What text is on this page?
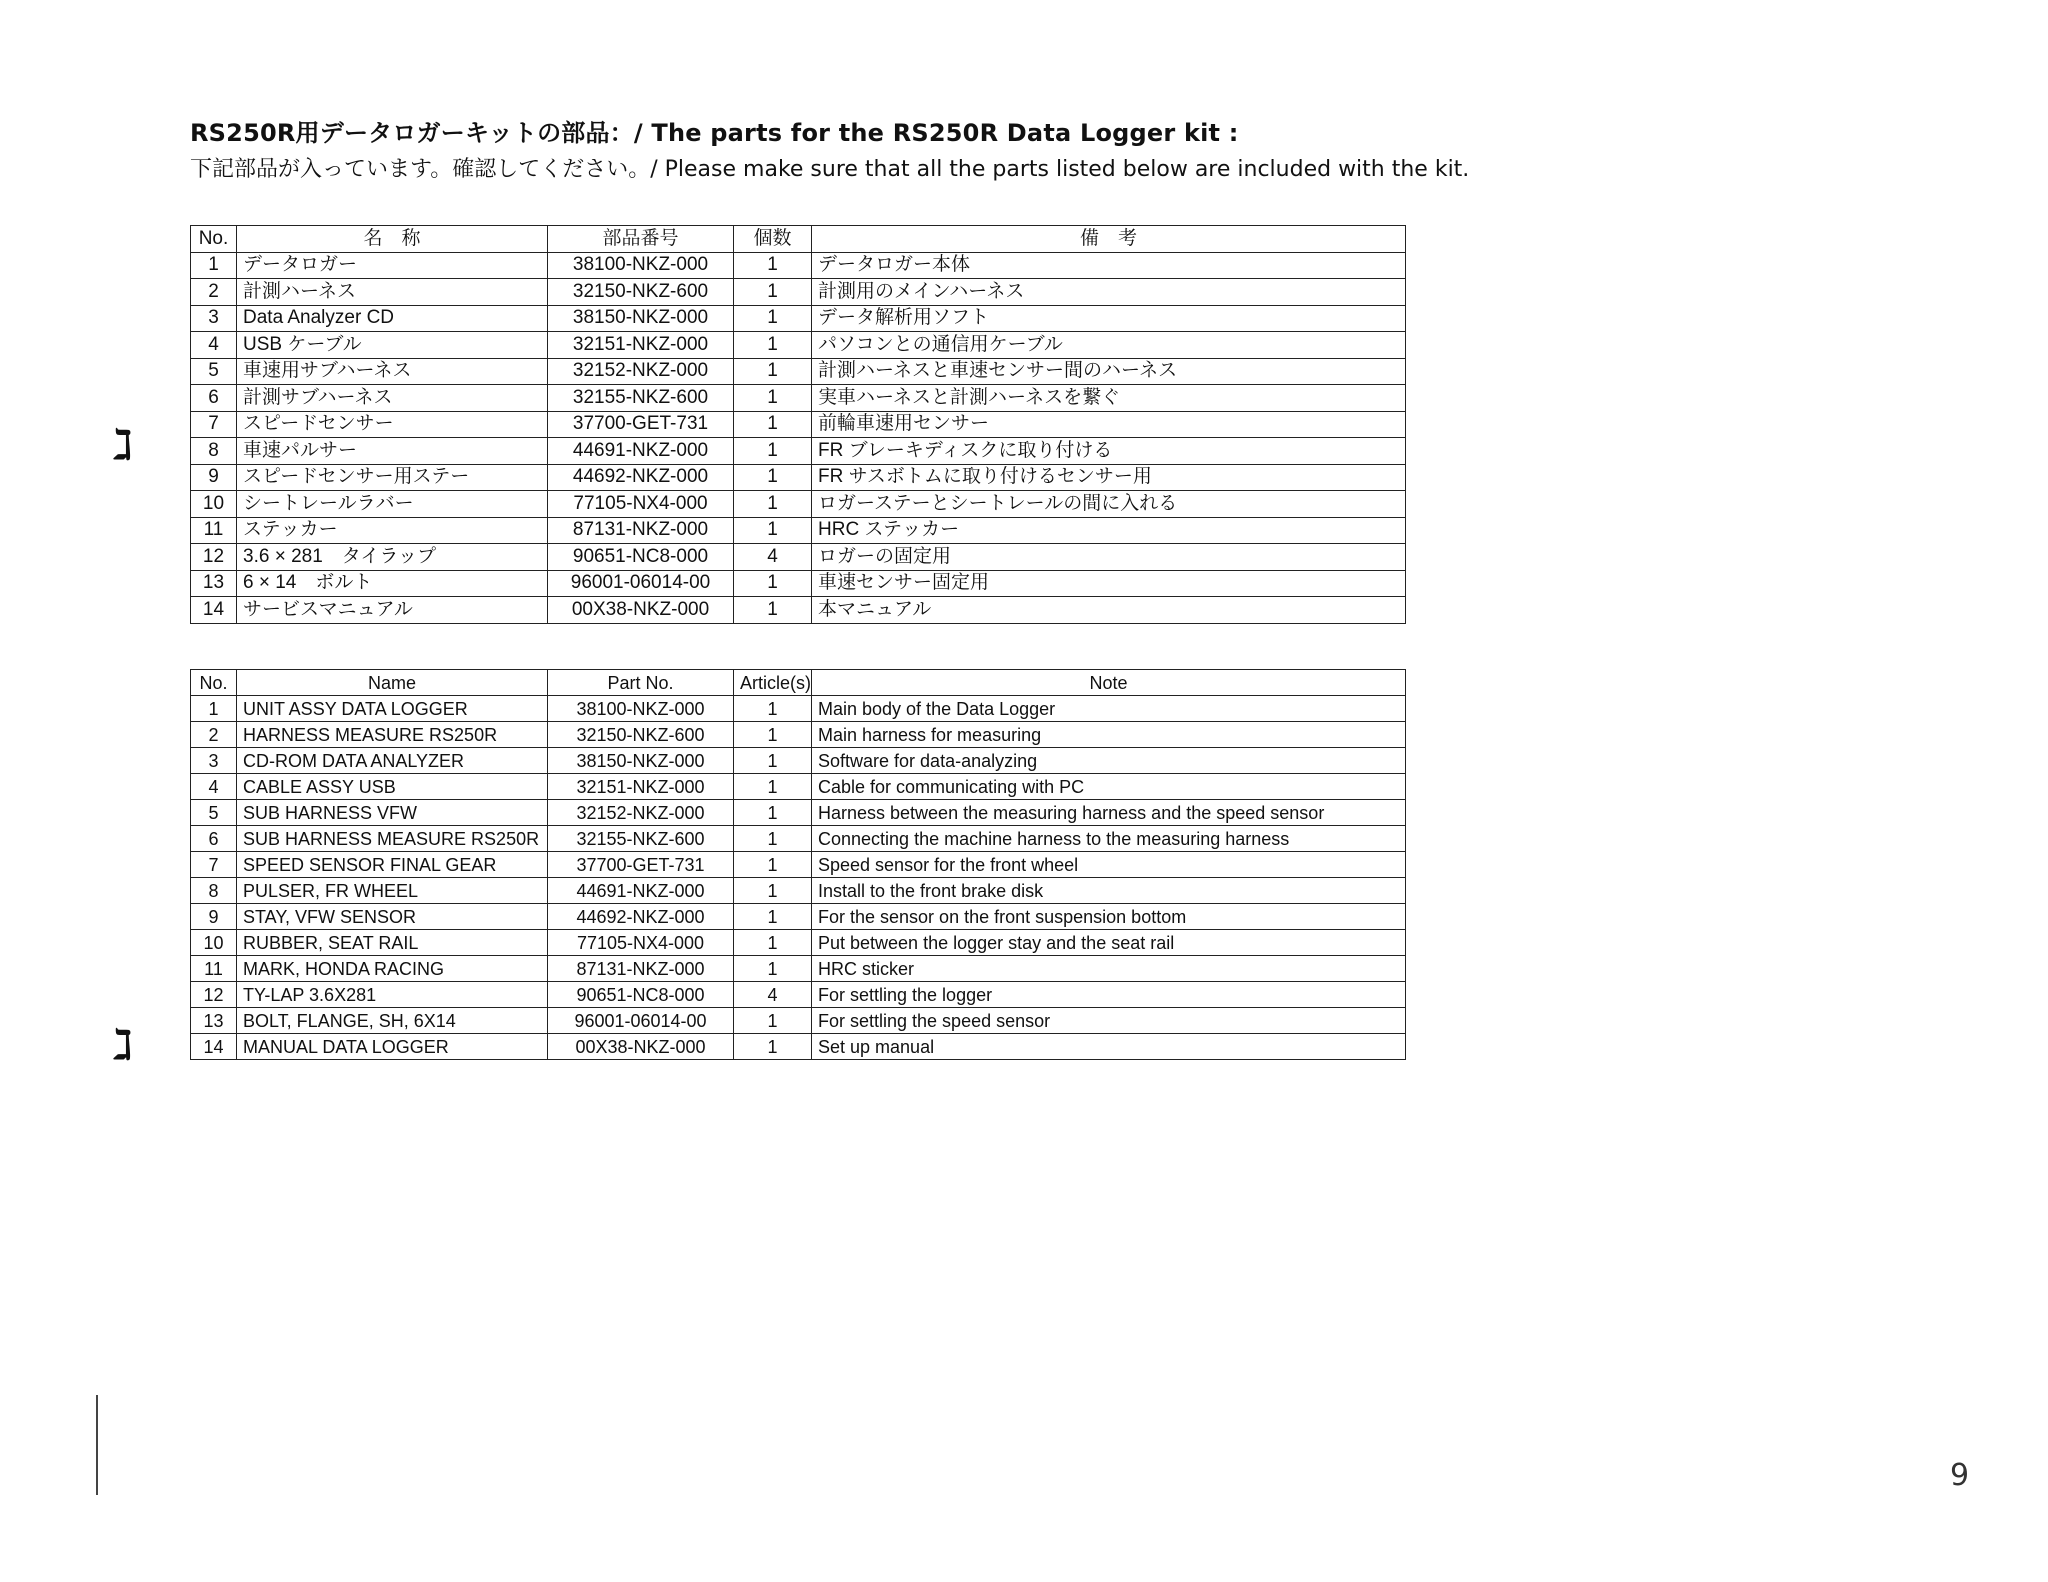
RS250R用データロガーキットの部品：/ The parts for the RS250R Data Logger kit :
下記部品が入っています。確認してください。/ Please make sure that all the parts listed below are included with the kit.
No.	名　称	部品番号	個数	備　考
1	データロガー	38100-NKZ-000	1	データロガー本体
2	計測ハーネス	32150-NKZ-600	1	計測用のメインハーネス
3	Data Analyzer CD	38150-NKZ-000	1	データ解析用ソフト
4	USB ケーブル	32151-NKZ-000	1	パソコンとの通信用ケーブル
5	車速用サブハーネス	32152-NKZ-000	1	計測ハーネスと車速センサー間のハーネス
6	計測サブハーネス	32155-NKZ-600	1	実車ハーネスと計測ハーネスを繋ぐ
7	スピードセンサー	37700-GET-731	1	前輪車速用センサー
8	車速パルサー	44691-NKZ-000	1	FR ブレーキディスクに取り付ける
9	スピードセンサー用ステー	44692-NKZ-000	1	FR サスボトムに取り付けるセンサー用
10	シートレールラバー	77105-NX4-000	1	ロガーステーとシートレールの間に入れる
11	ステッカー	87131-NKZ-000	1	HRC ステッカー
12	3.6 × 281　タイラップ	90651-NC8-000	4	ロガーの固定用
13	6 × 14　ボルト	96001-06014-00	1	車速センサー固定用
14	サービスマニュアル	00X38-NKZ-000	1	本マニュアル
No.	Name	Part No.	Article(s)	Note
1	UNIT ASSY DATA LOGGER	38100-NKZ-000	1	Main body of the Data Logger
2	HARNESS MEASURE RS250R	32150-NKZ-600	1	Main harness for measuring
3	CD-ROM DATA ANALYZER	38150-NKZ-000	1	Software for data-analyzing
4	CABLE ASSY USB	32151-NKZ-000	1	Cable for communicating with PC
5	SUB HARNESS VFW	32152-NKZ-000	1	Harness between the measuring harness and the speed sensor
6	SUB HARNESS MEASURE RS250R	32155-NKZ-600	1	Connecting the machine harness to the measuring harness
7	SPEED SENSOR FINAL GEAR	37700-GET-731	1	Speed sensor for the front wheel
8	PULSER, FR WHEEL	44691-NKZ-000	1	Install to the front brake disk
9	STAY, VFW SENSOR	44692-NKZ-000	1	For the sensor on the front suspension bottom
10	RUBBER, SEAT RAIL	77105-NX4-000	1	Put between the logger stay and the seat rail
11	MARK, HONDA RACING	87131-NKZ-000	1	HRC sticker
12	TY-LAP 3.6X281	90651-NC8-000	4	For settling the logger
13	BOLT, FLANGE, SH, 6X14	96001-06014-00	1	For settling the speed sensor
14	MANUAL DATA LOGGER	00X38-NKZ-000	1	Set up manual
ℷ
ℷ
9
